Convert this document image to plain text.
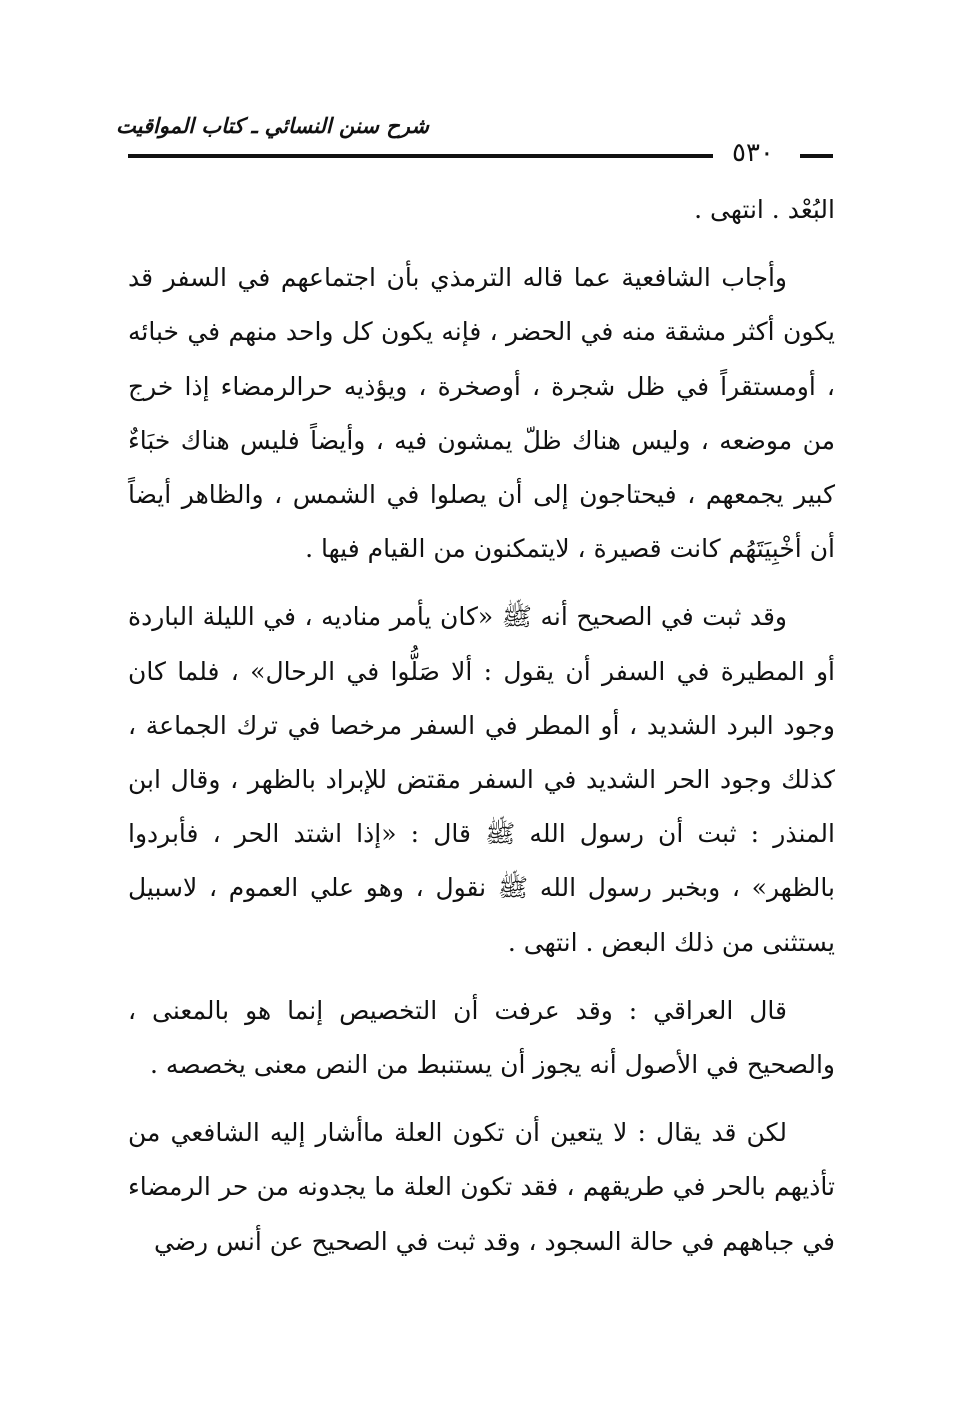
شرح سنن النسائي ـ كتاب المواقيت
٥٣٠

البُعْد . انتهى .

وأجاب الشافعية عما قاله الترمذي بأن اجتماعهم في السفر قد يكون أكثر مشقة منه في الحضر ، فإنه يكون كل واحد منهم في خبائه ، أومستقراً في ظل شجرة ، أوصخرة ، ويؤذيه حرالرمضاء إذا خرج من موضعه ، وليس هناك ظلّ يمشون فيه ، وأيضاً فليس هناك خبَاءٌ كبير يجمعهم ، فيحتاجون إلى أن يصلوا في الشمس ، والظاهر أيضاً أن أخْبِيَتَهُم كانت قصيرة ، لايتمكنون من القيام فيها .

وقد ثبت في الصحيح أنه ﷺ «كان يأمر مناديه ، في الليلة الباردة أو المطيرة في السفر أن يقول : ألا صَلُّوا في الرحال» ، فلما كان وجود البرد الشديد ، أو المطر في السفر مرخصا في ترك الجماعة ، كذلك وجود الحر الشديد في السفر مقتض للإبراد بالظهر ، وقال ابن المنذر : ثبت أن رسول الله ﷺ قال : «إذا اشتد الحر ، فأبردوا بالظهر» ، وبخبر رسول الله ﷺ نقول ، وهو علي العموم ، لاسبيل يستثنى من ذلك البعض . انتهى .

قال العراقي : وقد عرفت أن التخصيص إنما هو بالمعنى ، والصحيح في الأصول أنه يجوز أن يستنبط من النص معنى يخصصه .

لكن قد يقال : لا يتعين أن تكون العلة ماأشار إليه الشافعي من تأذيهم بالحر في طريقهم ، فقد تكون العلة ما يجدونه من حر الرمضاء في جباههم في حالة السجود ، وقد ثبت في الصحيح عن أنس رضي
